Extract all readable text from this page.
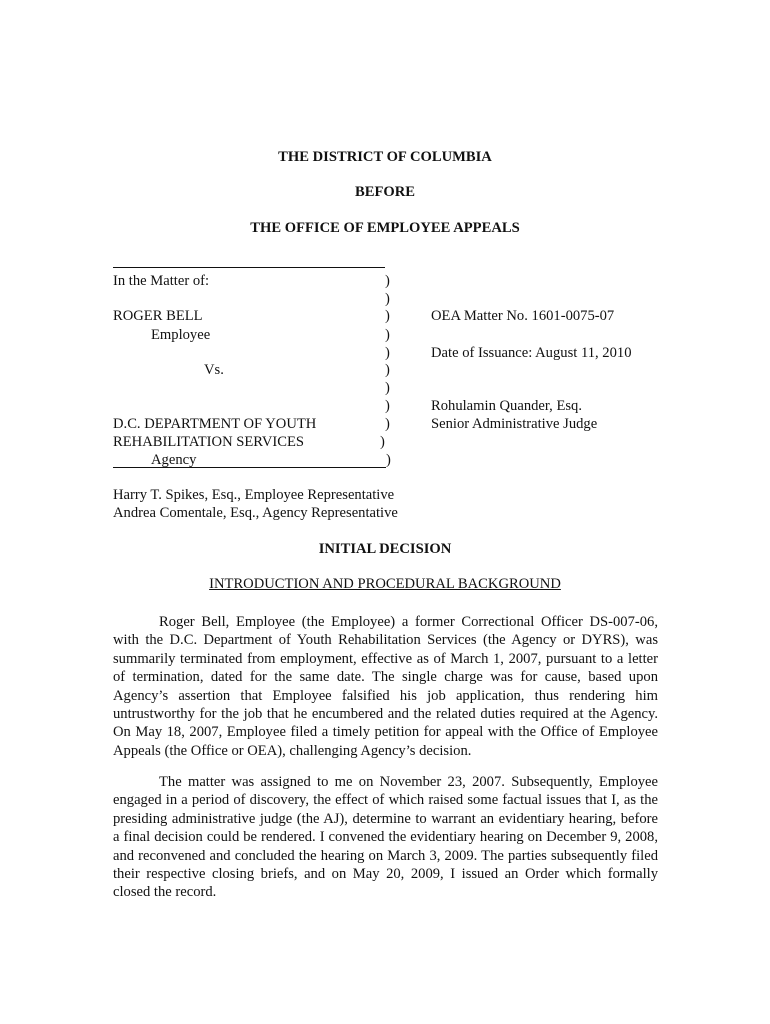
THE DISTRICT OF COLUMBIA
BEFORE
THE OFFICE OF EMPLOYEE APPEALS
In the Matter of:
ROGER BELL
Employee
Vs.
D.C. DEPARTMENT OF YOUTH
REHABILITATION SERVICES
Agency
)
)
)
)
)
)
)
)
)
)
)
OEA Matter No. 1601-0075-07
Date of Issuance: August 11, 2010
Rohulamin Quander, Esq.
Senior Administrative Judge
Harry T. Spikes, Esq., Employee Representative
Andrea Comentale, Esq., Agency Representative
INITIAL DECISION
INTRODUCTION AND PROCEDURAL BACKGROUND
Roger Bell, Employee (the Employee) a former Correctional Officer DS-007-06, with the D.C. Department of Youth Rehabilitation Services (the Agency or DYRS), was summarily terminated from employment, effective as of March 1, 2007, pursuant to a letter of termination, dated for the same date. The single charge was for cause, based upon Agency’s assertion that Employee falsified his job application, thus rendering him untrustworthy for the job that he encumbered and the related duties required at the Agency. On May 18, 2007, Employee filed a timely petition for appeal with the Office of Employee Appeals (the Office or OEA), challenging Agency’s decision.
The matter was assigned to me on November 23, 2007. Subsequently, Employee engaged in a period of discovery, the effect of which raised some factual issues that I, as the presiding administrative judge (the AJ), determine to warrant an evidentiary hearing, before a final decision could be rendered. I convened the evidentiary hearing on December 9, 2008, and reconvened and concluded the hearing on March 3, 2009. The parties subsequently filed their respective closing briefs, and on May 20, 2009, I issued an Order which formally closed the record.
